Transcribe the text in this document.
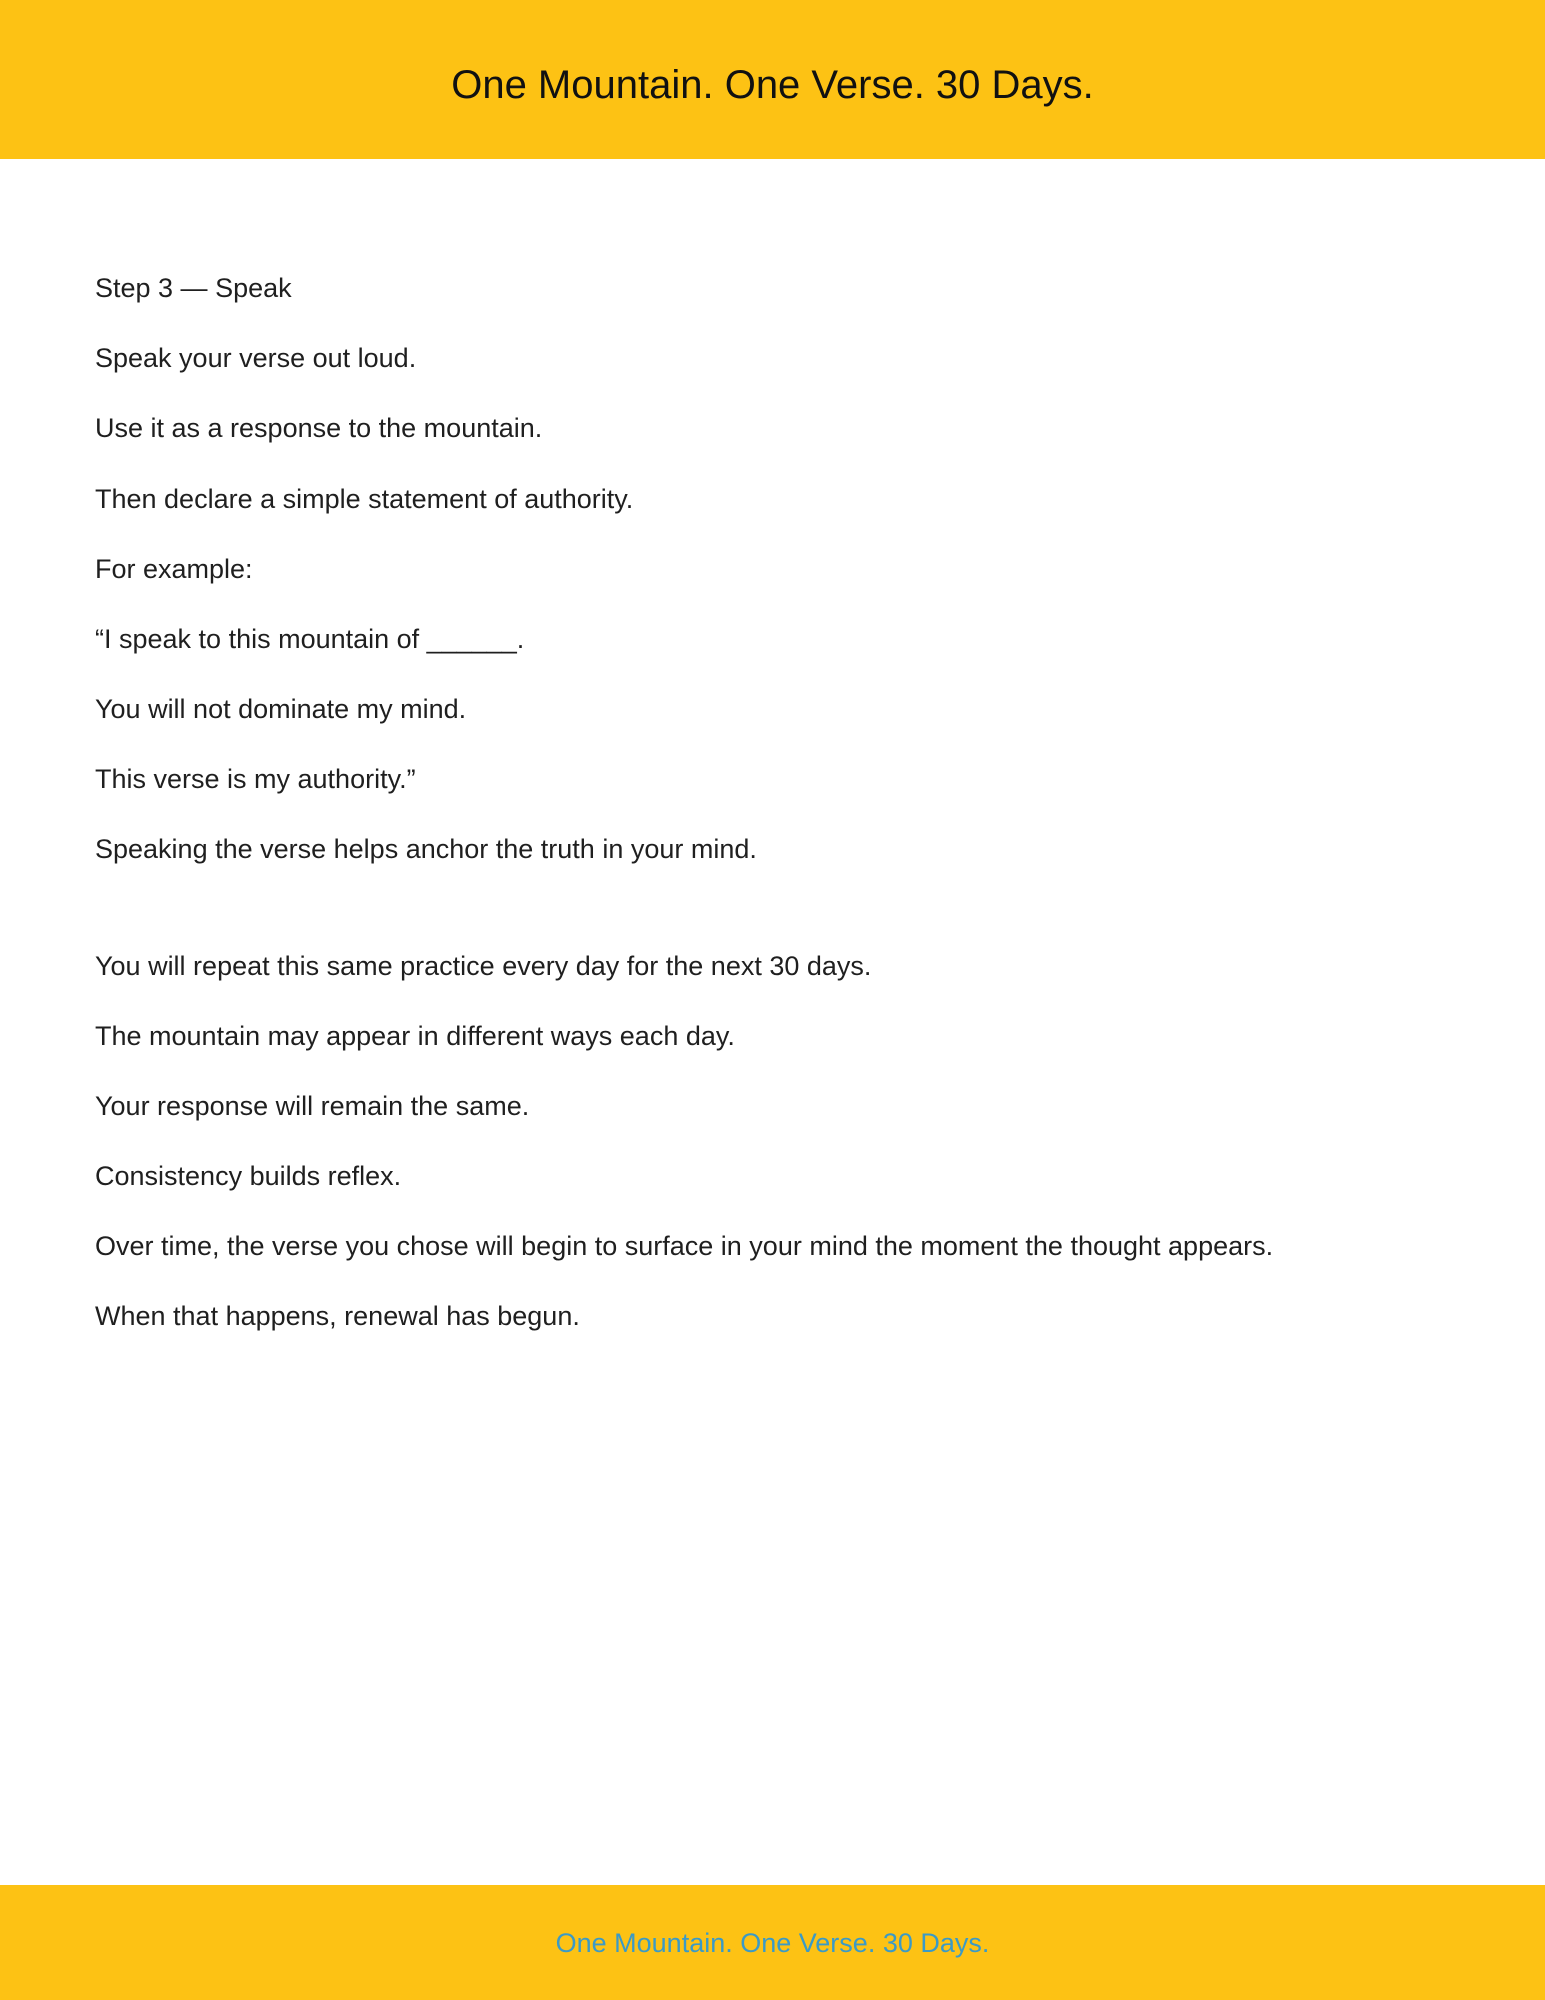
One Mountain. One Verse. 30 Days.

Step 3 — Speak

Speak your verse out loud.

Use it as a response to the mountain.

Then declare a simple statement of authority.

For example:

“I speak to this mountain of ______.

You will not dominate my mind.

This verse is my authority.”

Speaking the verse helps anchor the truth in your mind.

You will repeat this same practice every day for the next 30 days.

The mountain may appear in different ways each day.

Your response will remain the same.

Consistency builds reflex.

Over time, the verse you chose will begin to surface in your mind the moment the thought appears.

When that happens, renewal has begun.

One Mountain. One Verse. 30 Days.
